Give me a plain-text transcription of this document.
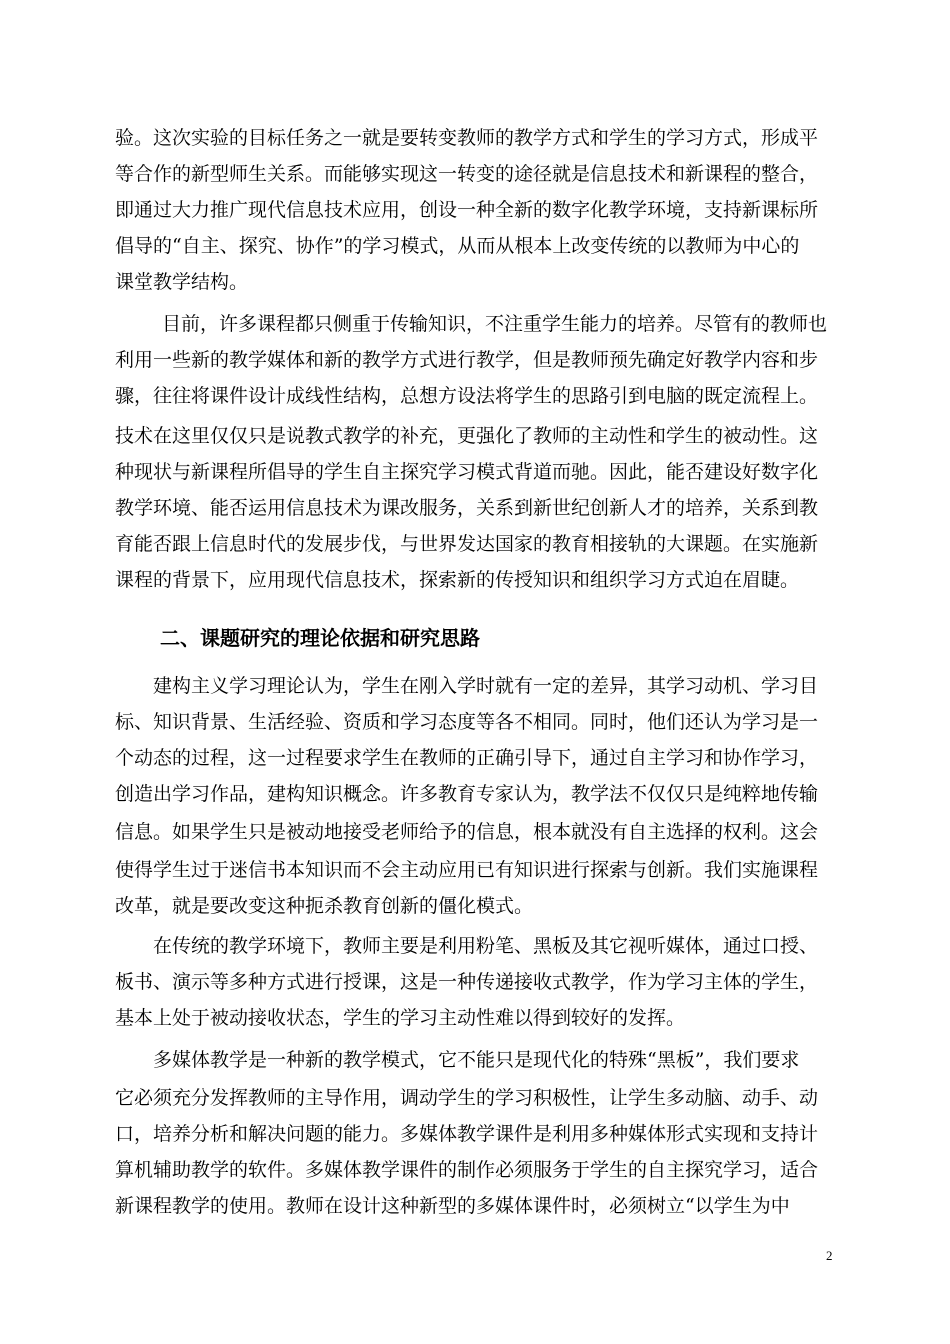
验。这次实验的目标任务之一就是要转变教师的教学方式和学生的学习方式，形成平
等合作的新型师生关系。而能够实现这一转变的途径就是信息技术和新课程的整合，
即通过大力推广现代信息技术应用，创设一种全新的数字化教学环境，支持新课标所
倡导的“自主、探究、协作”的学习模式，从而从根本上改变传统的以教师为中心的
课堂教学结构。
目前，许多课程都只侧重于传输知识，不注重学生能力的培养。尽管有的教师也
利用一些新的教学媒体和新的教学方式进行教学，但是教师预先确定好教学内容和步
骤，往往将课件设计成线性结构，总想方设法将学生的思路引到电脑的既定流程上。
技术在这里仅仅只是说教式教学的补充，更强化了教师的主动性和学生的被动性。这
种现状与新课程所倡导的学生自主探究学习模式背道而驰。因此，能否建设好数字化
教学环境、能否运用信息技术为课改服务，关系到新世纪创新人才的培养，关系到教
育能否跟上信息时代的发展步伐，与世界发达国家的教育相接轨的大课题。在实施新
课程的背景下，应用现代信息技术，探索新的传授知识和组织学习方式迫在眉睫。
二、课题研究的理论依据和研究思路
建构主义学习理论认为，学生在刚入学时就有一定的差异，其学习动机、学习目
标、知识背景、生活经验、资质和学习态度等各不相同。同时，他们还认为学习是一
个动态的过程，这一过程要求学生在教师的正确引导下，通过自主学习和协作学习，
创造出学习作品，建构知识概念。许多教育专家认为，教学法不仅仅只是纯粹地传输
信息。如果学生只是被动地接受老师给予的信息，根本就没有自主选择的权利。这会
使得学生过于迷信书本知识而不会主动应用已有知识进行探索与创新。我们实施课程
改革，就是要改变这种扼杀教育创新的僵化模式。
在传统的教学环境下，教师主要是利用粉笔、黑板及其它视听媒体，通过口授、
板书、演示等多种方式进行授课，这是一种传递接收式教学，作为学习主体的学生，
基本上处于被动接收状态，学生的学习主动性难以得到较好的发挥。
多媒体教学是一种新的教学模式，它不能只是现代化的特殊“黑板”，我们要求
它必须充分发挥教师的主导作用，调动学生的学习积极性，让学生多动脑、动手、动
口，培养分析和解决问题的能力。多媒体教学课件是利用多种媒体形式实现和支持计
算机辅助教学的软件。多媒体教学课件的制作必须服务于学生的自主探究学习，适合
新课程教学的使用。教师在设计这种新型的多媒体课件时，必须树立“以学生为中
2
